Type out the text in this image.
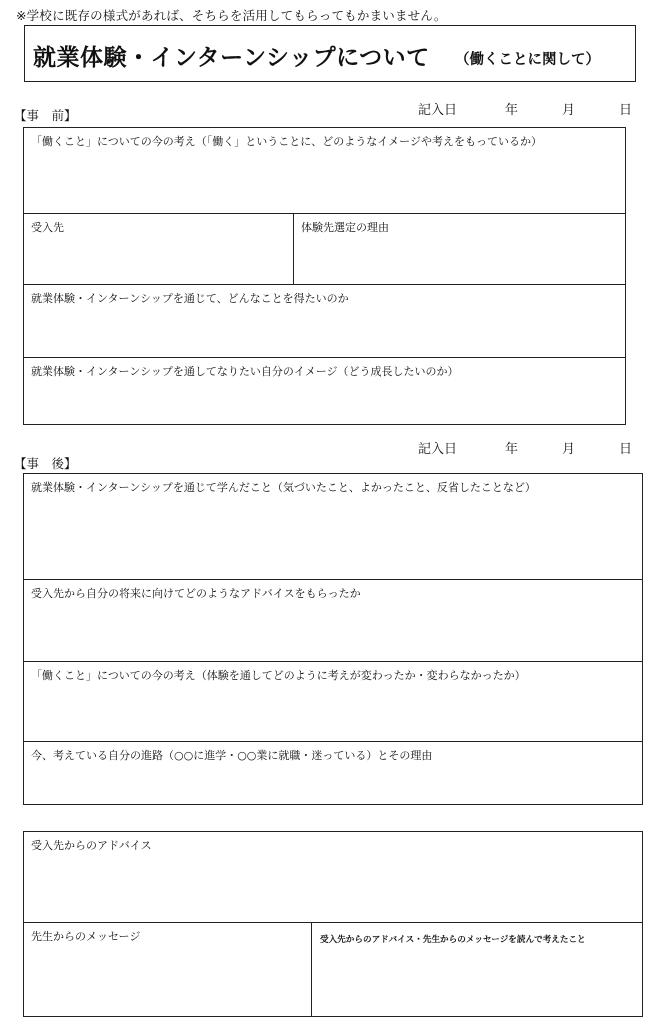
※学校に既存の様式があれば、そちらを活用してもらってもかまいません。
就業体験・インターンシップについて （働くことに関して）
【事　前】	記入日	年	月	日
「働くこと」についての今の考え（「働く」ということに、どのようなイメージや考えをもっているか）
受入先	体験先選定の理由
就業体験・インターンシップを通じて、どんなことを得たいのか
就業体験・インターンシップを通してなりたい自分のイメージ（どう成長したいのか）
【事　後】
記入日	年	月	日
就業体験・インターンシップを通じて学んだこと（気づいたこと、よかったこと、反省したことなど）
受入先から自分の将来に向けてどのようなアドバイスをもらったか
「働くこと」についての今の考え（体験を通してどのように考えが変わったか・変わらなかったか）
今、考えている自分の進路（○○に進学・○○業に就職・迷っている）とその理由
受入先からのアドバイス
先生からのメッセージ	受入先からのアドバイス・先生からのメッセージを読んで考えたこと
